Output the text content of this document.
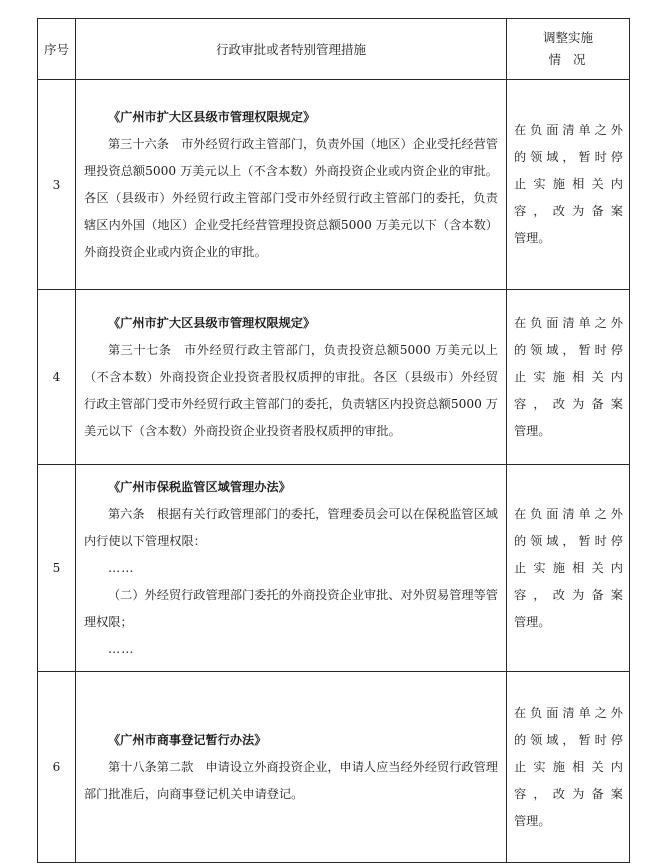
序号	行政审批或者特别管理措施	调整实施
情况

3	《广州市扩大区县级市管理权限规定》
第三十六条　市外经贸行政主管部门，负责外国（地区）企业受托经营管理投资总额5000 万美元以上（不含本数）外商投资企业或内资企业的审批。各区（县级市）外经贸行政主管部门受市外经贸行政主管部门的委托，负责辖区内外国（地区）企业受托经营管理投资总额5000 万美元以下（含本数）外商投资企业或内资企业的审批。	在负面清单之外
的领域，暂时停
止实施相关内
容，改为备案
管理。

4	《广州市扩大区县级市管理权限规定》
第三十七条　市外经贸行政主管部门，负责投资总额5000 万美元以上（不含本数）外商投资企业投资者股权质押的审批。各区（县级市）外经贸行政主管部门受市外经贸行政主管部门的委托，负责辖区内投资总额5000 万美元以下（含本数）外商投资企业投资者股权质押的审批。	在负面清单之外
的领域，暂时停
止实施相关内
容，改为备案
管理。

5	《广州市保税监管区域管理办法》
第六条　根据有关行政管理部门的委托，管理委员会可以在保税监管区域内行使以下管理权限：
……
（二）外经贸行政管理部门委托的外商投资企业审批、对外贸易管理等管理权限；
……	在负面清单之外
的领域，暂时停
止实施相关内
容，改为备案
管理。

6	《广州市商事登记暂行办法》
第十八条第二款　申请设立外商投资企业，申请人应当经外经贸行政管理部门批准后，向商事登记机关申请登记。	在负面清单之外
的领域，暂时停
止实施相关内
容，改为备案
管理。
